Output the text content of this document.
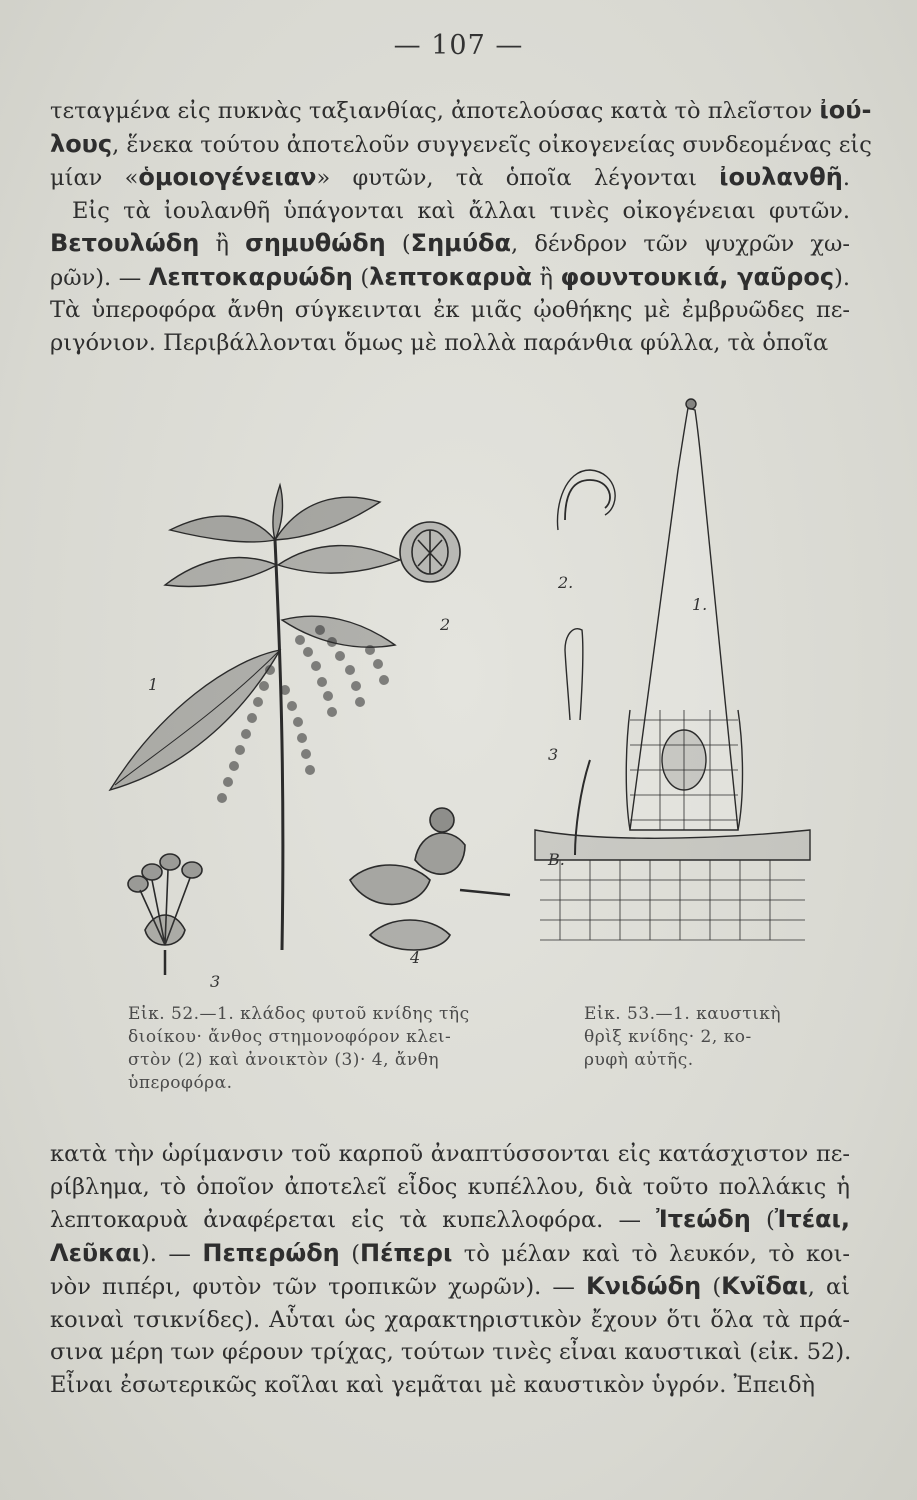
— 107 —
τεταγμένα εἰς πυκνὰς ταξιανθίας, ἀποτελούσας κατὰ τὸ πλεῖστον ἰού-
λους, ἕνεκα τούτου ἀποτελοῦν συγγενεῖς οἰκογενείας συνδεομένας εἰς
μίαν «ὁμοιογένειαν» φυτῶν, τὰ ὁποῖα λέγονται ἰουλανθῆ.
Εἰς τὰ ἰουλανθῆ ὑπάγονται καὶ ἄλλαι τινὲς οἰκογένειαι φυτῶν.
Βετουλώδη ἢ σημυθώδη (Σημύδα, δένδρον τῶν ψυχρῶν χω-
ρῶν). — Λεπτοκαρυώδη (λεπτοκαρυὰ ἢ φουντουκιά, γαῦρος).
Τὰ ὑπεροφόρα ἄνθη σύγκεινται ἐκ μιᾶς ᾠοθήκης μὲ ἐμβρυῶδες πε-
ριγόνιον. Περιβάλλονται ὅμως μὲ πολλὰ παράνθια φύλλα, τὰ ὁποῖα
1
2
3
4
1.
2.
3
B.
Εἰκ. 52.—1. κλάδος φυτοῦ κνίδης τῆς
διοίκου· ἄνθος στημονοφόρον κλει-
στὸν (2) καὶ ἀνοικτὸν (3)· 4, ἄνθη
ὑπεροφόρα.
Εἰκ. 53.—1. καυστικὴ
θρὶξ κνίδης· 2, κο-
ρυφὴ αὐτῆς.
κατὰ τὴν ὡρίμανσιν τοῦ καρποῦ ἀναπτύσσονται εἰς κατάσχιστον πε-
ρίβλημα, τὸ ὁποῖον ἀποτελεῖ εἶδος κυπέλλου, διὰ τοῦτο πολλάκις ἡ
λεπτοκαρυὰ ἀναφέρεται εἰς τὰ κυπελλοφόρα. — Ἰτεώδη (Ἰτέαι,
Λεῦκαι). — Πεπερώδη (Πέπερι τὸ μέλαν καὶ τὸ λευκόν, τὸ κοι-
νὸν πιπέρι, φυτὸν τῶν τροπικῶν χωρῶν). — Κνιδώδη (Κνῖδαι, αἱ
κοιναὶ τσικνίδες). Αὗται ὡς χαρακτηριστικὸν ἔχουν ὅτι ὅλα τὰ πρά-
σινα μέρη των φέρουν τρίχας, τούτων τινὲς εἶναι καυστικαὶ (εἰκ. 52).
Εἶναι ἐσωτερικῶς κοῖλαι καὶ γεμᾶται μὲ καυστικὸν ὑγρόν. Ἐπειδὴ
